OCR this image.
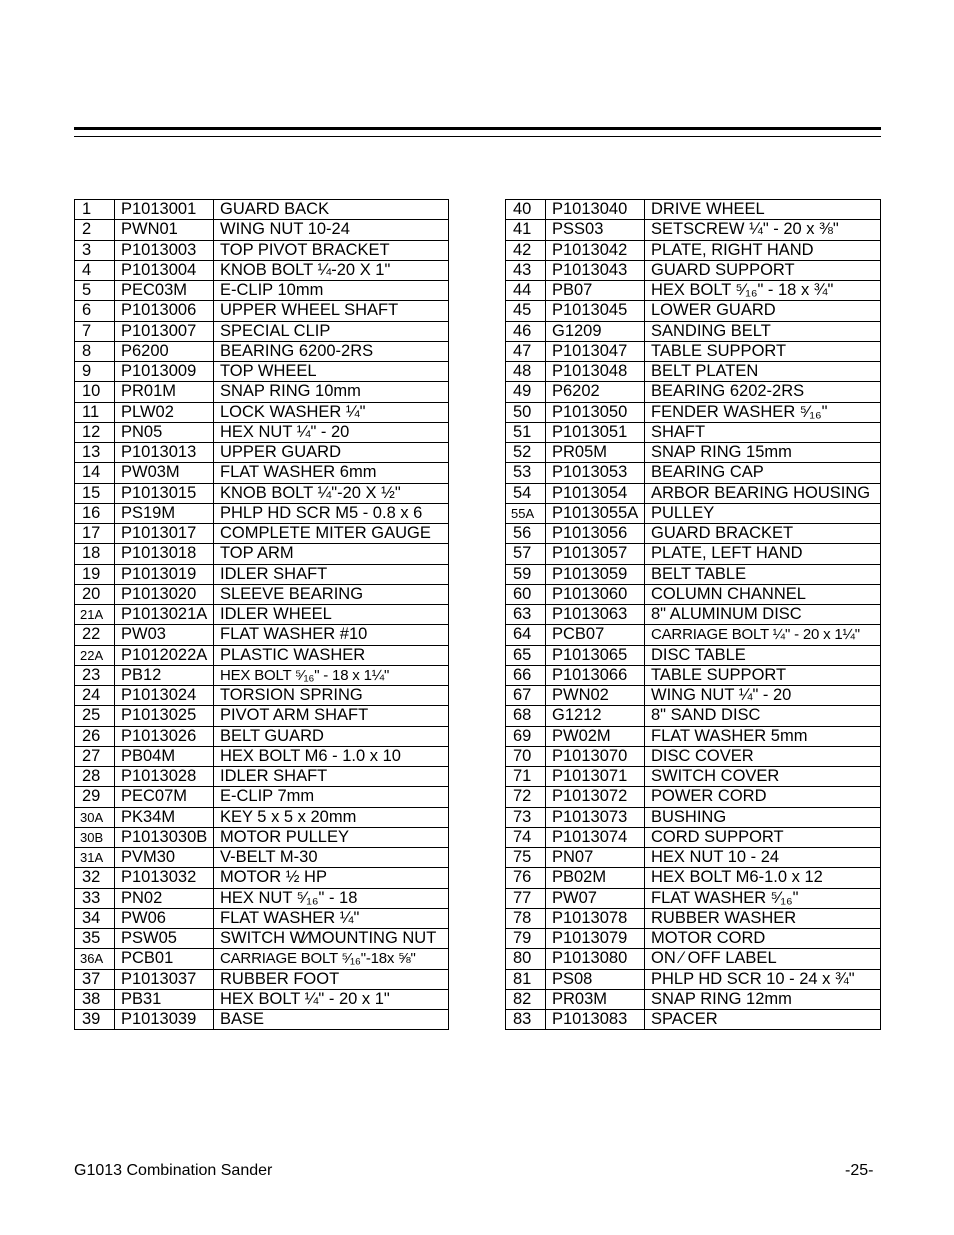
1	P1013001	GUARD BACK
2	PWN01	WING NUT 10-24
3	P1013003	TOP PIVOT BRACKET
4	P1013004	KNOB BOLT ¼-20 X 1"
5	PEC03M	E-CLIP 10mm
6	P1013006	UPPER WHEEL SHAFT
7	P1013007	SPECIAL CLIP
8	P6200	BEARING 6200-2RS
9	P1013009	TOP WHEEL
10	PR01M	SNAP RING 10mm
11	PLW02	LOCK WASHER ¼"
12	PN05	HEX NUT ¼" - 20
13	P1013013	UPPER GUARD
14	PW03M	FLAT WASHER 6mm
15	P1013015	KNOB BOLT ¼"-20 X ½"
16	PS19M	PHLP HD SCR M5 - 0.8 x 6
17	P1013017	COMPLETE MITER GAUGE
18	P1013018	TOP ARM
19	P1013019	IDLER SHAFT
20	P1013020	SLEEVE BEARING
21A	P1013021A	IDLER WHEEL
22	PW03	FLAT WASHER #10
22A	P1012022A	PLASTIC WASHER
23	PB12	HEX BOLT ⁵⁄₁₆" - 18 x 1¼"
24	P1013024	TORSION SPRING
25	P1013025	PIVOT ARM SHAFT
26	P1013026	BELT GUARD
27	PB04M	HEX BOLT M6 - 1.0 x 10
28	P1013028	IDLER SHAFT
29	PEC07M	E-CLIP 7mm
30A	PK34M	KEY 5 x 5 x 20mm
30B	P1013030B	MOTOR PULLEY
31A	PVM30	V-BELT M-30
32	P1013032	MOTOR ½ HP
33	PN02	HEX NUT ⁵⁄₁₆" - 18
34	PW06	FLAT WASHER ¼"
35	PSW05	SWITCH W⁄MOUNTING NUT
36A	PCB01	CARRIAGE BOLT ⁵⁄₁₆"-18x ⅝"
37	P1013037	RUBBER FOOT
38	PB31	HEX BOLT ¼" - 20 x 1"
39	P1013039	BASE
40	P1013040	DRIVE WHEEL
41	PSS03	SETSCREW ¼" - 20 x ⅜"
42	P1013042	PLATE, RIGHT HAND
43	P1013043	GUARD SUPPORT
44	PB07	HEX BOLT ⁵⁄₁₆" - 18 x ¾"
45	P1013045	LOWER GUARD
46	G1209	SANDING BELT
47	P1013047	TABLE SUPPORT
48	P1013048	BELT PLATEN
49	P6202	BEARING 6202-2RS
50	P1013050	FENDER WASHER ⁵⁄₁₆"
51	P1013051	SHAFT
52	PR05M	SNAP RING 15mm
53	P1013053	BEARING CAP
54	P1013054	ARBOR BEARING HOUSING
55A	P1013055A	PULLEY
56	P1013056	GUARD BRACKET
57	P1013057	PLATE, LEFT HAND
59	P1013059	BELT TABLE
60	P1013060	COLUMN CHANNEL
63	P1013063	8" ALUMINUM DISC
64	PCB07	CARRIAGE BOLT ¼" - 20 x 1¼"
65	P1013065	DISC TABLE
66	P1013066	TABLE SUPPORT
67	PWN02	WING NUT ¼" - 20
68	G1212	8" SAND DISC
69	PW02M	FLAT WASHER 5mm
70	P1013070	DISC COVER
71	P1013071	SWITCH COVER
72	P1013072	POWER CORD
73	P1013073	BUSHING
74	P1013074	CORD SUPPORT
75	PN07	HEX NUT 10 - 24
76	PB02M	HEX BOLT M6-1.0 x 12
77	PW07	FLAT WASHER ⁵⁄₁₆"
78	P1013078	RUBBER WASHER
79	P1013079	MOTOR CORD
80	P1013080	ON ⁄ OFF LABEL
81	PS08	PHLP HD SCR 10 - 24 x ¾"
82	PR03M	SNAP RING 12mm
83	P1013083	SPACER
G1013 Combination Sander	-25-
